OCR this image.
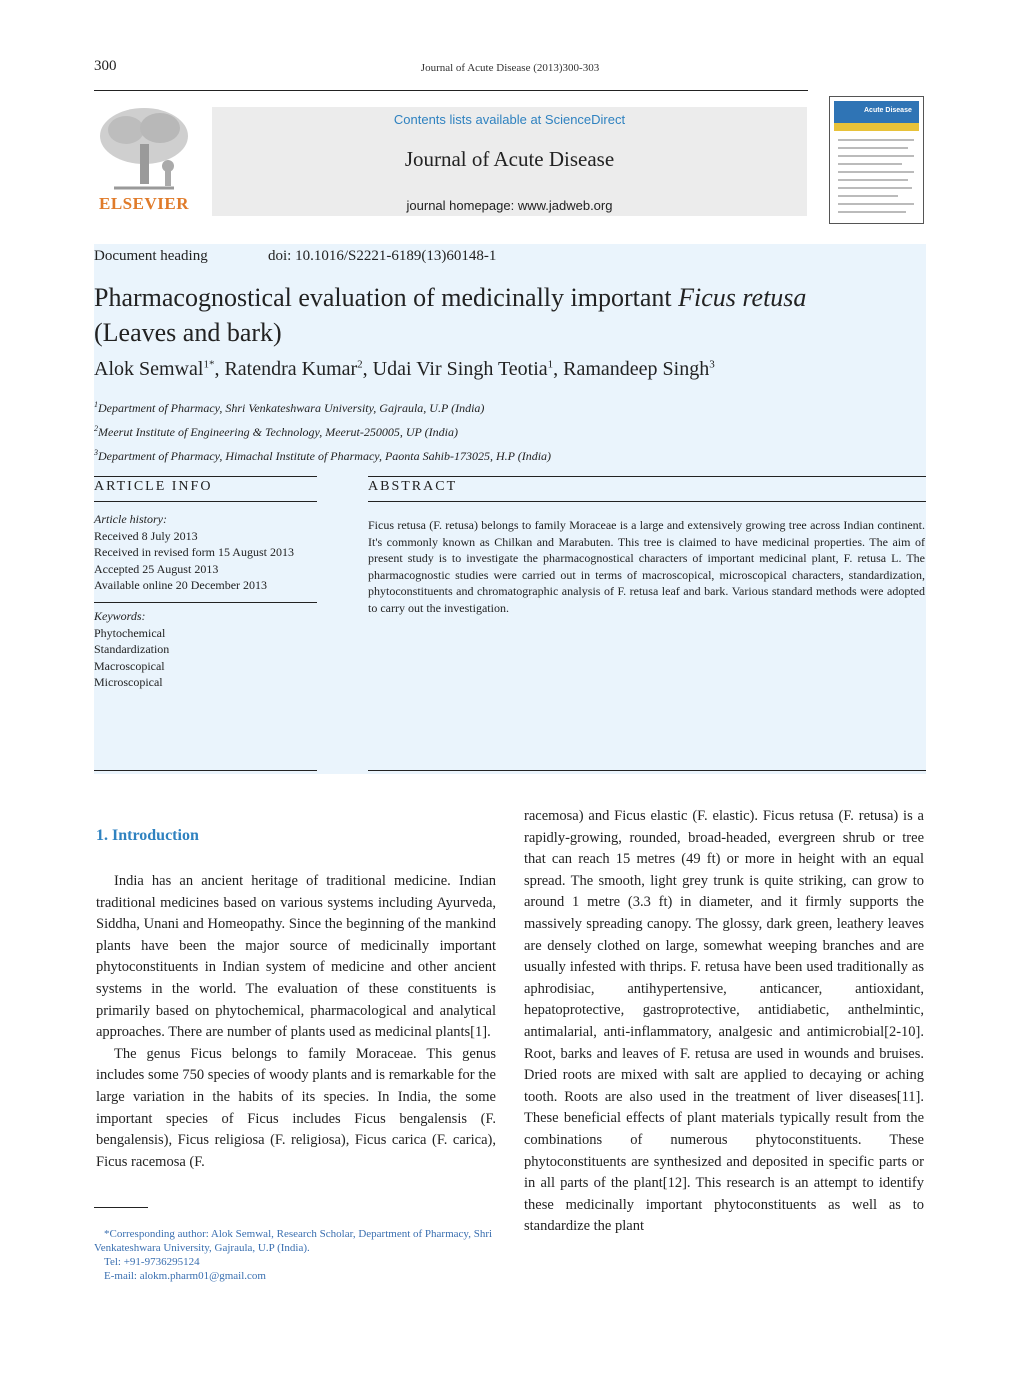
300	Journal of Acute Disease (2013)300-303
ELSEVIER
Contents lists available at ScienceDirect
Journal of Acute Disease
journal homepage: www.jadweb.org
Acute Disease
Document heading	doi: 10.1016/S2221-6189(13)60148-1
Pharmacognostical evaluation of medicinally important Ficus retusa
(Leaves and bark)
Alok Semwal$^{1*}$, Ratendra Kumar$^2$, Udai Vir Singh Teotia$^1$, Ramandeep Singh$^3$
$^1$Department of Pharmacy, Shri Venkateshwara University, Gajraula, U.P (India)
$^2$Meerut Institute of Engineering & Technology, Meerut-250005, UP (India)
$^3$Department of Pharmacy, Himachal Institute of Pharmacy, Paonta Sahib-173025, H.P (India)
ARTICLE INFO
Article history:
Received 8 July 2013
Received in revised form 15 August 2013
Accepted 25 August 2013
Available online 20 December 2013
Keywords:
Phytochemical
Standardization
Macroscopical
Microscopical
ABSTRACT
Ficus retusa (F. retusa) belongs to family Moraceae is a large and extensively growing tree across Indian continent. It's commonly known as Chilkan and Marabuten. This tree is claimed to have medicinal properties. The aim of present study is to investigate the pharmacognostical characters of important medicinal plant, F. retusa L. The pharmacognostic studies were carried out in terms of macroscopical, microscopical characters, standardization, phytoconstituents and chromatographic analysis of F. retusa leaf and bark. Various standard methods were adopted to carry out the investigation.
1. Introduction

India has an ancient heritage of traditional medicine. Indian traditional medicines based on various systems including Ayurveda, Siddha, Unani and Homeopathy. Since the beginning of the mankind plants have been the major source of medicinally important phytoconstituents in Indian system of medicine and other ancient systems in the world. The evaluation of these constituents is primarily based on phytochemical, pharmacological and analytical approaches. There are number of plants used as medicinal plants[1].

The genus Ficus belongs to family Moraceae. This genus includes some 750 species of woody plants and is remarkable for the large variation in the habits of its species. In India, the some important species of Ficus includes Ficus bengalensis (F. bengalensis), Ficus religiosa (F. religiosa), Ficus carica (F. carica), Ficus racemosa (F.

racemosa) and Ficus elastic (F. elastic). Ficus retusa (F. retusa) is a rapidly-growing, rounded, broad-headed, evergreen shrub or tree that can reach 15 metres (49 ft) or more in height with an equal spread. The smooth, light grey trunk is quite striking, can grow to around 1 metre (3.3 ft) in diameter, and it firmly supports the massively spreading canopy. The glossy, dark green, leathery leaves are densely clothed on large, somewhat weeping branches and are usually infested with thrips. F. retusa have been used traditionally as aphrodisiac, antihypertensive, anticancer, antioxidant, hepatoprotective, gastroprotective, antidiabetic, anthelmintic, antimalarial, anti-inflammatory, analgesic and antimicrobial[2-10]. Root, barks and leaves of F. retusa are used in wounds and bruises. Dried roots are mixed with salt are applied to decaying or aching tooth. Roots are also used in the treatment of liver diseases[11]. These beneficial effects of plant materials typically result from the combinations of numerous phytoconstituents. These phytoconstituents are synthesized and deposited in specific parts or in all parts of the plant[12]. This research is an attempt to identify these medicinally important phytoconstituents as well as to standardize the plant

*Corresponding author: Alok Semwal, Research Scholar, Department of Pharmacy, Shri Venkateshwara University, Gajraula, U.P (India).
Tel: +91-9736295124
E-mail: alokm.pharm01@gmail.com
